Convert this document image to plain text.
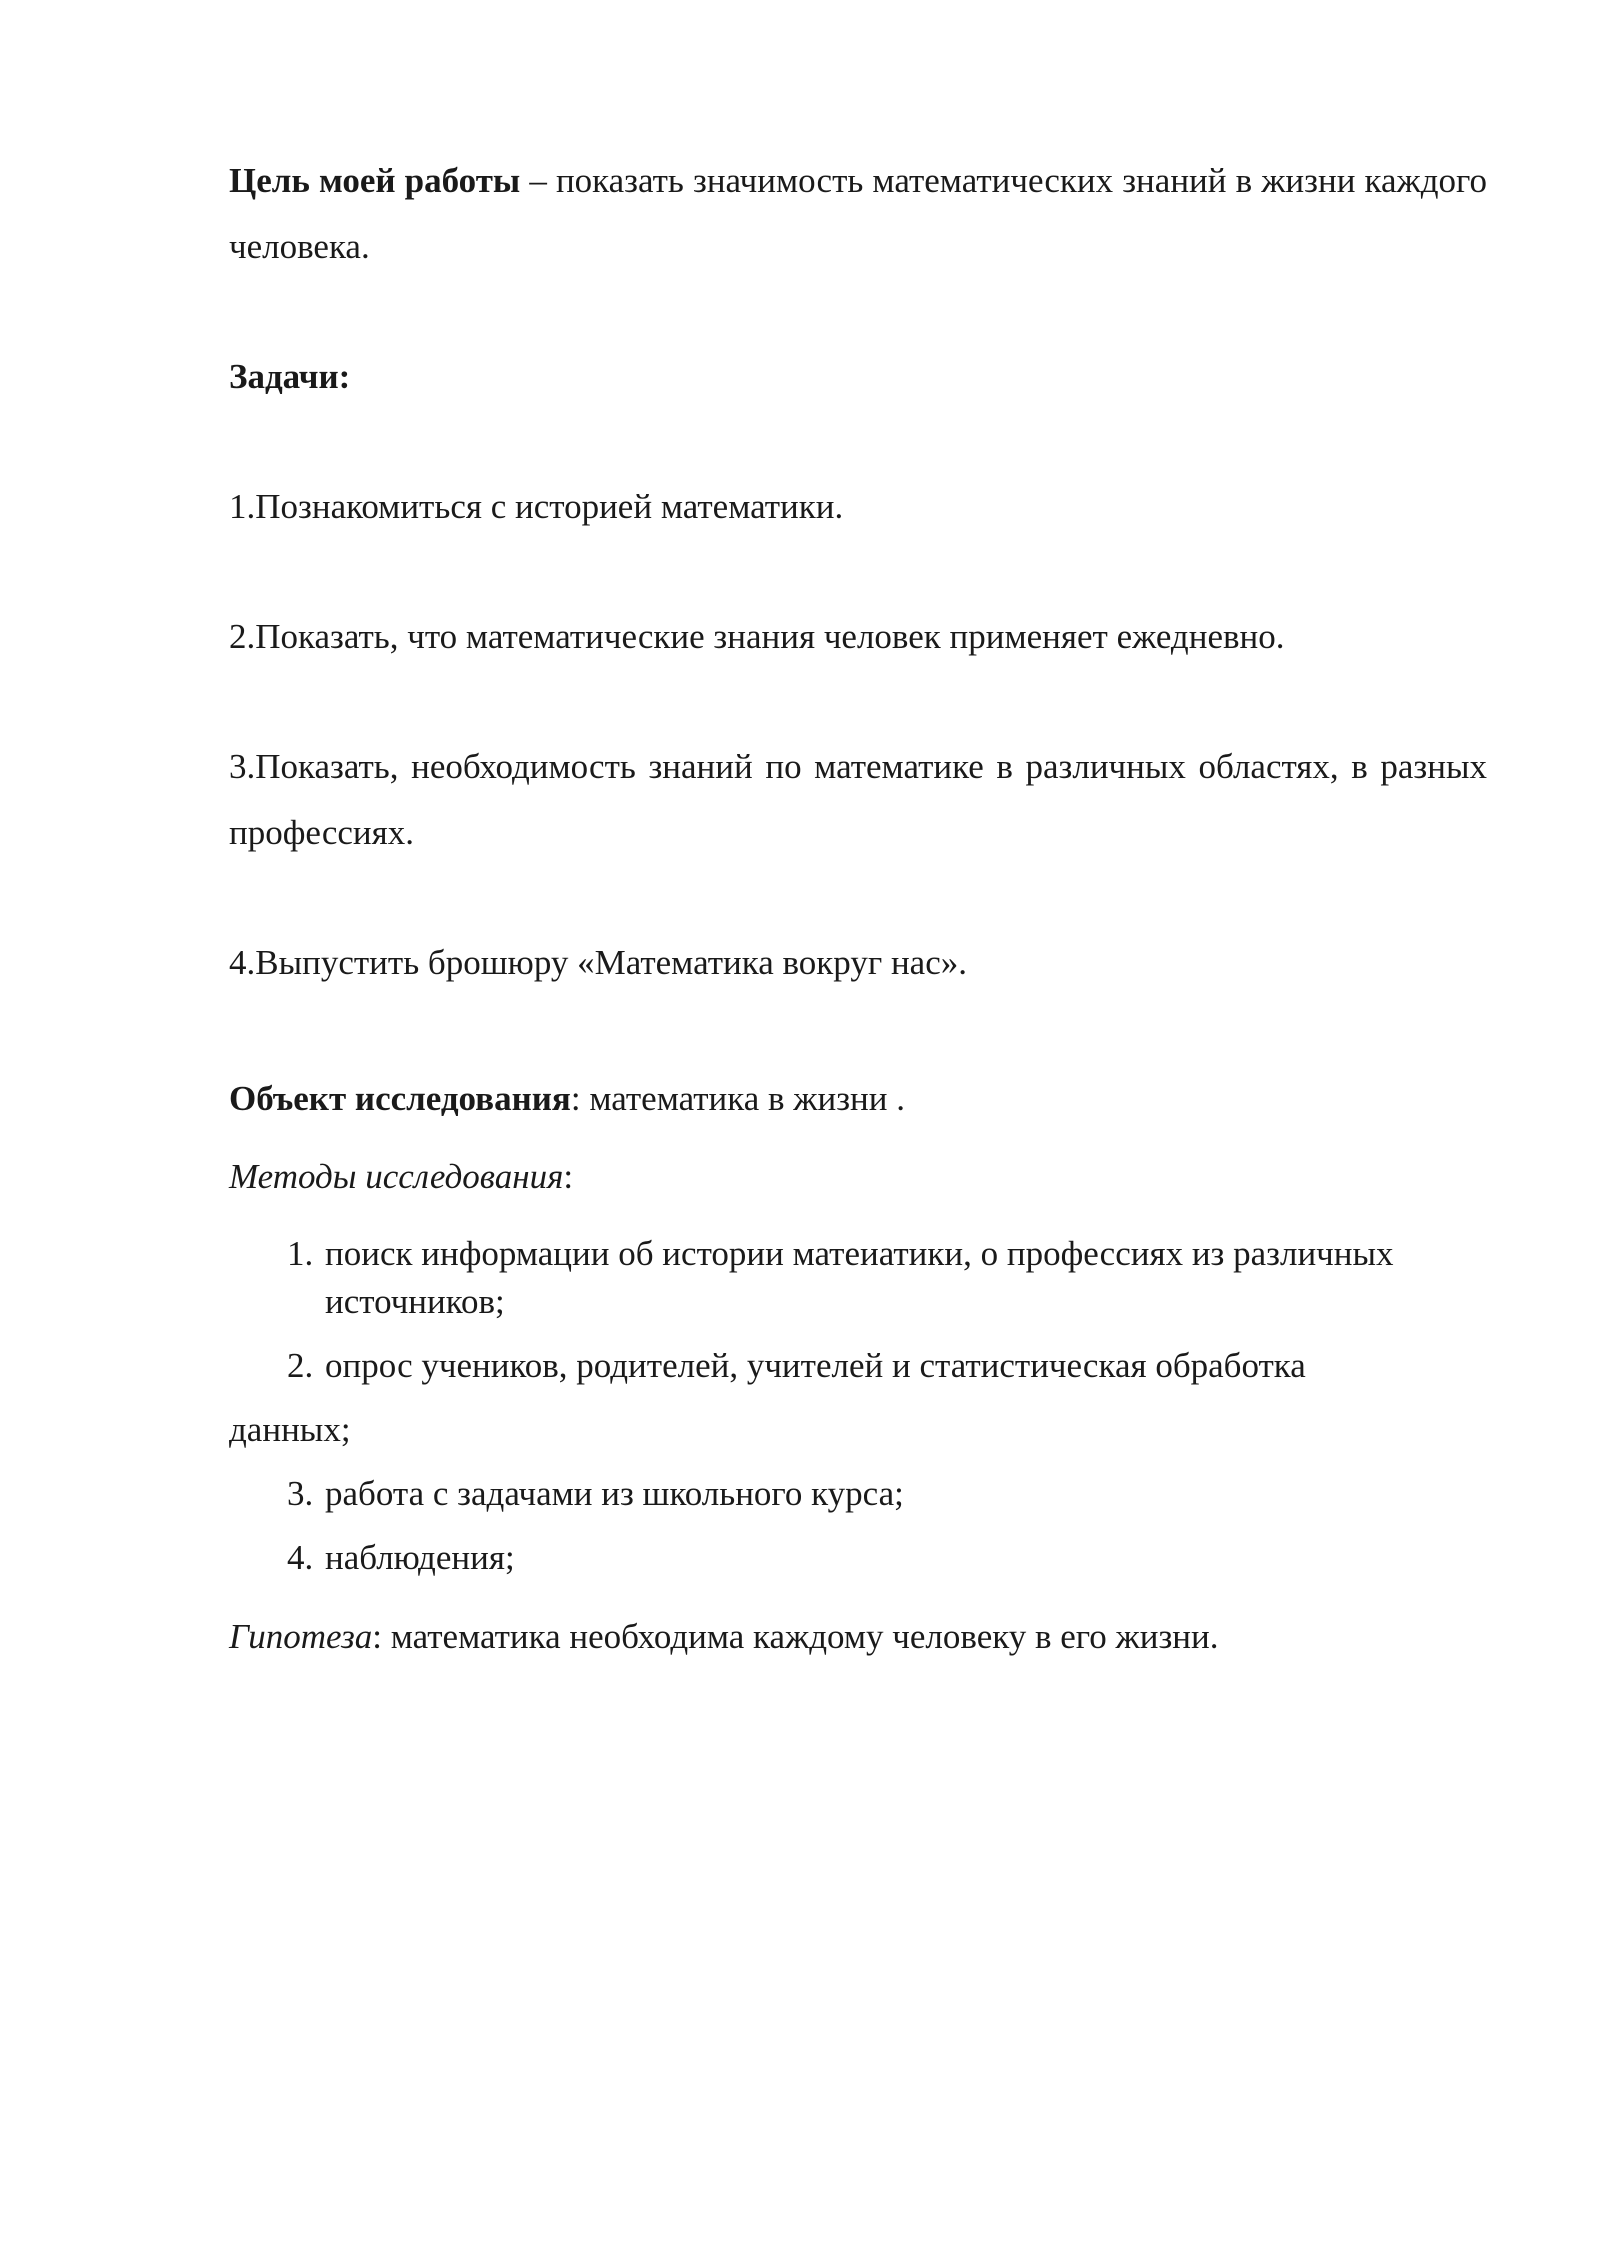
Цель моей работы – показать значимость математических знаний в жизни каждого человека.

Задачи:

1.Познакомиться с историей математики.

2.Показать, что математические знания человек применяет ежедневно.

3.Показать, необходимость знаний по математике в различных областях, в разных профессиях.

4.Выпустить брошюру «Математика вокруг нас».

Объект исследования: математика в жизни .

Методы исследования:

1. поиск информации об истории матеиатики, о профессиях из различных источников;
2. опрос учеников, родителей, учителей и статистическая обработка

данных;

3. работа с задачами из школьного курса;
4. наблюдения;

Гипотеза: математика необходима каждому человеку в его жизни.
